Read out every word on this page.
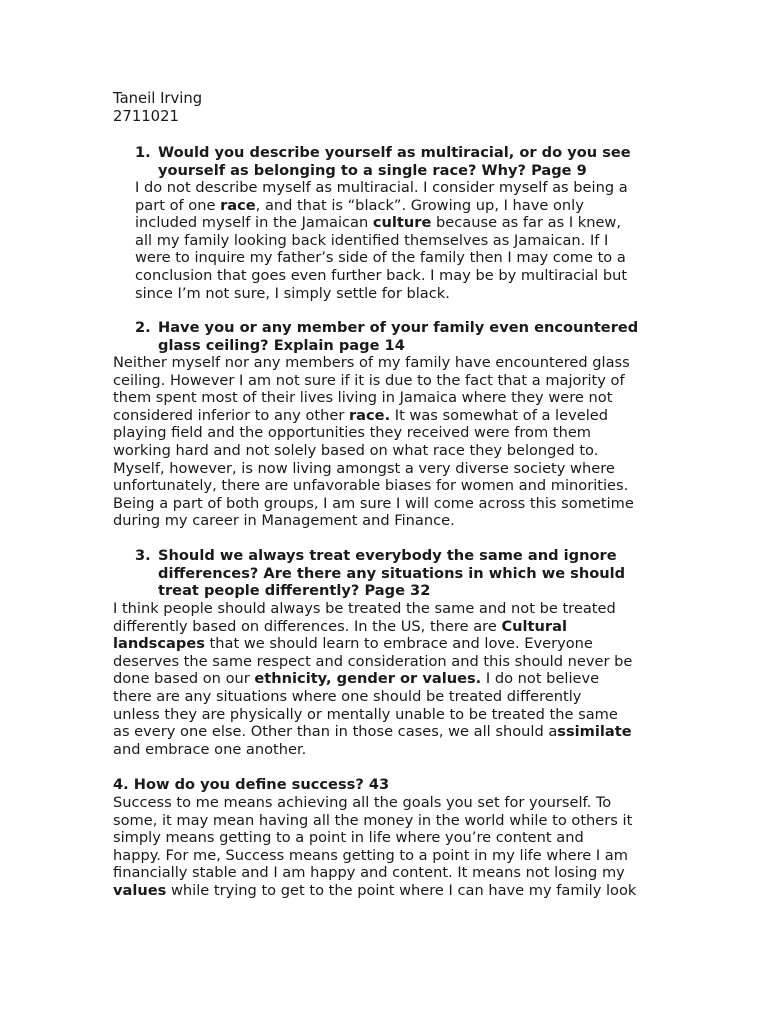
Taneil Irving
2711021
1. Would you describe yourself as multiracial, or do you see
yourself as belonging to a single race? Why? Page 9
I do not describe myself as multiracial. I consider myself as being a
part of one race, and that is “black”. Growing up, I have only
included myself in the Jamaican culture because as far as I knew,
all my family looking back identified themselves as Jamaican. If I
were to inquire my father’s side of the family then I may come to a
conclusion that goes even further back. I may be by multiracial but
since I’m not sure, I simply settle for black.
2. Have you or any member of your family even encountered
glass ceiling? Explain page 14
Neither myself nor any members of my family have encountered glass
ceiling. However I am not sure if it is due to the fact that a majority of
them spent most of their lives living in Jamaica where they were not
considered inferior to any other race. It was somewhat of a leveled
playing field and the opportunities they received were from them
working hard and not solely based on what race they belonged to.
Myself, however, is now living amongst a very diverse society where
unfortunately, there are unfavorable biases for women and minorities.
Being a part of both groups, I am sure I will come across this sometime
during my career in Management and Finance.
3. Should we always treat everybody the same and ignore
differences? Are there any situations in which we should
treat people differently? Page 32
I think people should always be treated the same and not be treated
differently based on differences. In the US, there are Cultural
landscapes that we should learn to embrace and love. Everyone
deserves the same respect and consideration and this should never be
done based on our ethnicity, gender or values. I do not believe
there are any situations where one should be treated differently
unless they are physically or mentally unable to be treated the same
as every one else. Other than in those cases, we all should assimilate
and embrace one another.
4. How do you define success? 43
Success to me means achieving all the goals you set for yourself. To
some, it may mean having all the money in the world while to others it
simply means getting to a point in life where you’re content and
happy. For me, Success means getting to a point in my life where I am
financially stable and I am happy and content. It means not losing my
values while trying to get to the point where I can have my family look
